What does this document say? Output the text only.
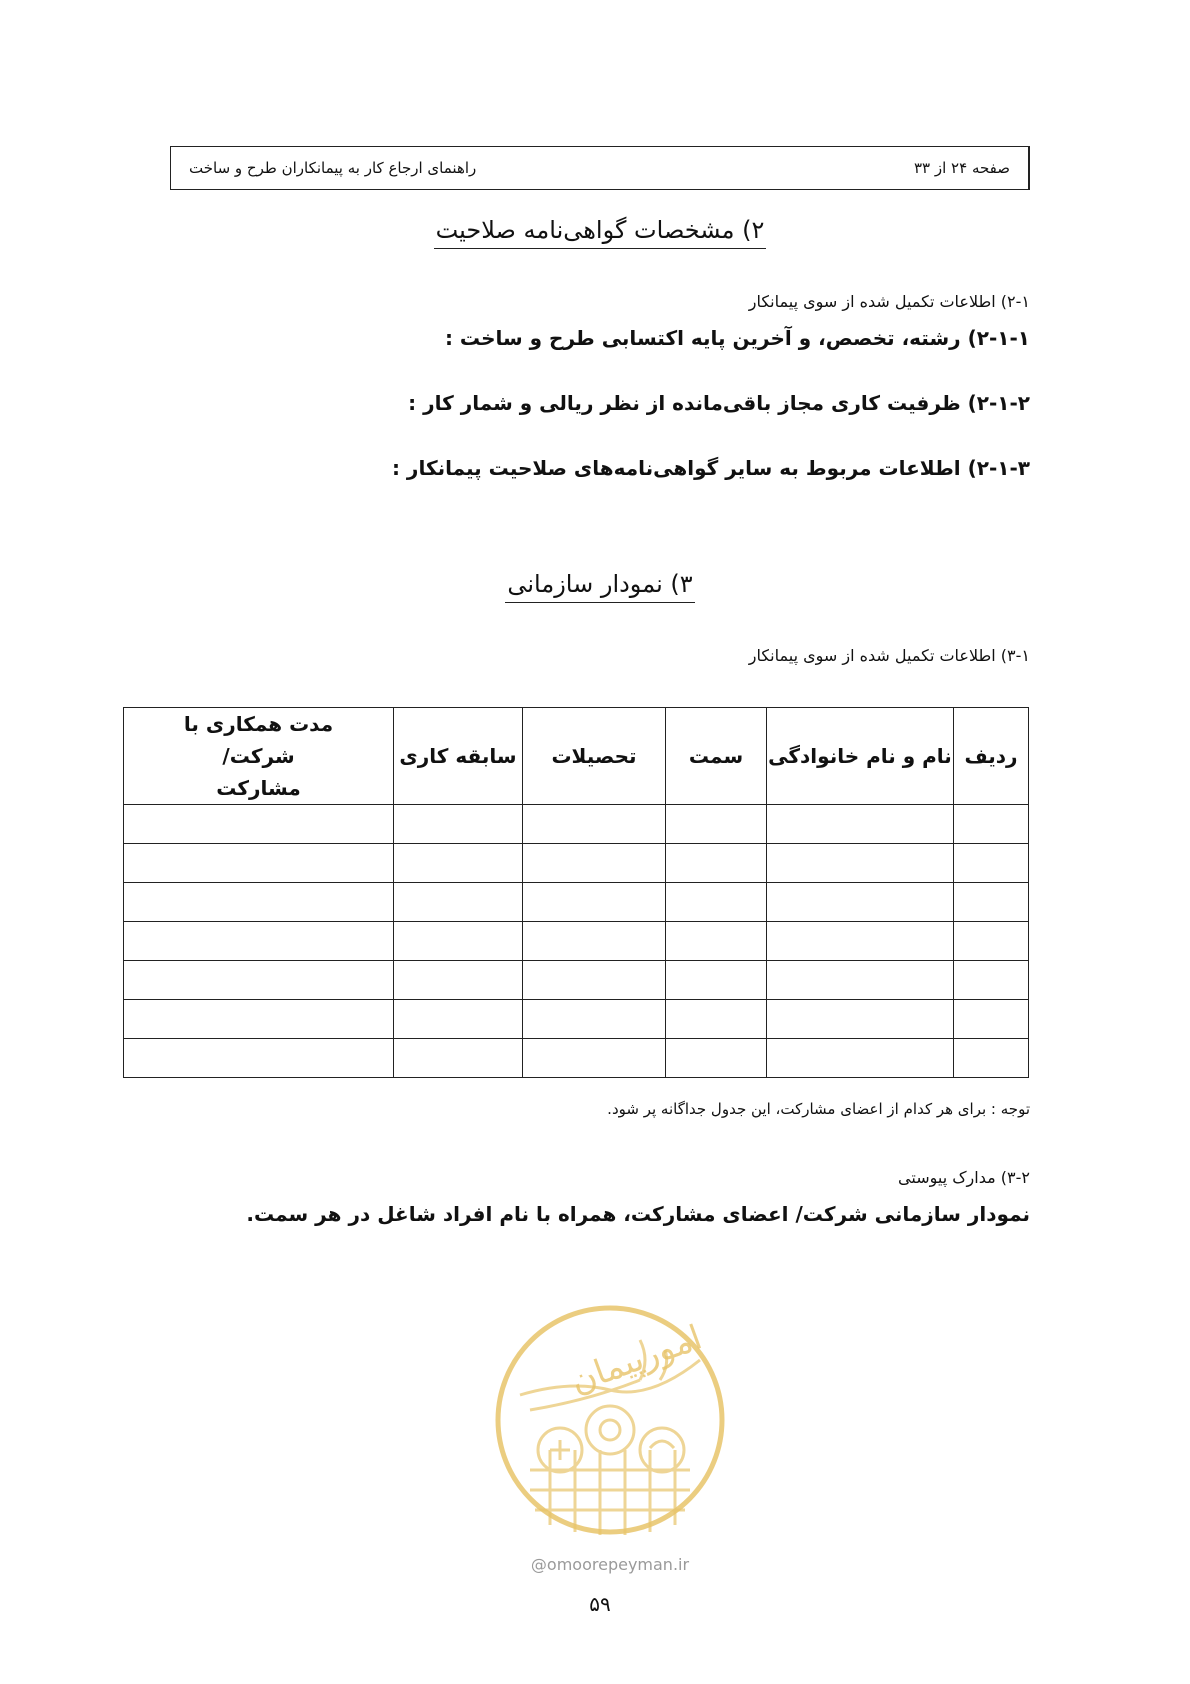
راهنمای ارجاع کار به پیمانکاران طرح و ساخت	صفحه ۲۴ از ۳۳
۲) مشخصات گواهی‌نامه صلاحیت
۲-۱) اطلاعات تکمیل شده از سوی پیمانکار
۲-۱-۱) رشته، تخصص، و آخرین پایه اکتسابی طرح و ساخت :
۲-۱-۲) ظرفیت کاری مجاز باقی‌مانده از نظر ریالی و شمار کار :
۲-۱-۳) اطلاعات مربوط به سایر گواهی‌نامه‌های صلاحیت پیمانکار :
۳) نمودار سازمانی
۳-۱) اطلاعات تکمیل شده از سوی پیمانکار
ردیف	نام و نام خانوادگی	سمت	تحصیلات	سابقه کاری	مدت همکاری با شرکت/مشارکت

توجه : برای هر کدام از اعضای مشارکت، این جدول جداگانه پر شود.
۳-۲) مدارک پیوستی
نمودار سازمانی شرکت/ اعضای مشارکت، همراه با نام افراد شاغل در هر سمت.
امورپیمان
@omoorepeyman.ir
۵۹
